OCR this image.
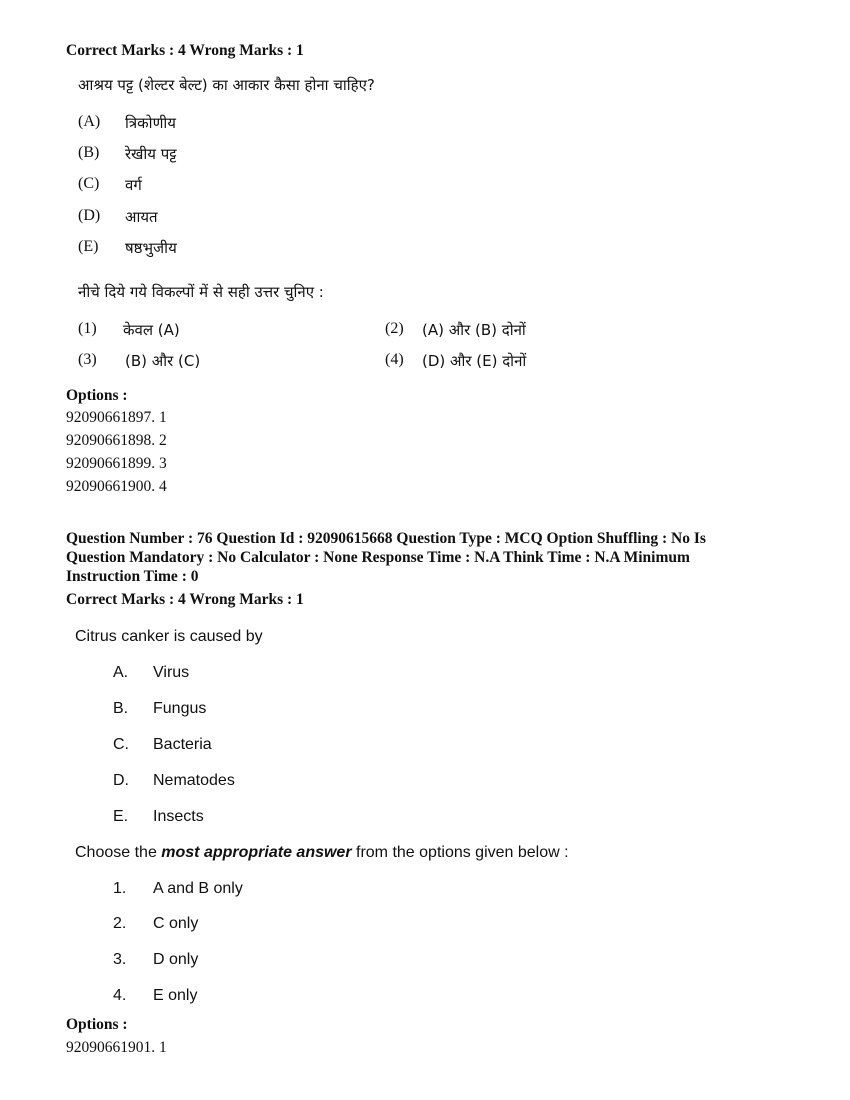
Correct Marks : 4 Wrong Marks : 1
आश्रय पट्ट (शेल्टर बेल्ट) का आकार कैसा होना चाहिए?
(A) त्रिकोणीय
(B) रेखीय पट्ट
(C) वर्ग
(D) आयत
(E) षष्ठभुजीय
नीचे दिये गये विकल्पों में से सही उत्तर चुनिए :
(1) केवल (A)	(2) (A) और (B) दोनों
(3) (B) और (C)	(4) (D) और (E) दोनों
Options :
92090661897. 1
92090661898. 2
92090661899. 3
92090661900. 4
Question Number : 76 Question Id : 92090615668 Question Type : MCQ Option Shuffling : No Is
Question Mandatory : No Calculator : None Response Time : N.A Think Time : N.A Minimum
Instruction Time : 0
Correct Marks : 4 Wrong Marks : 1
Citrus canker is caused by
A. Virus
B. Fungus
C. Bacteria
D. Nematodes
E. Insects
Choose the most appropriate answer from the options given below :
1. A and B only
2. C only
3. D only
4. E only
Options :
92090661901. 1
